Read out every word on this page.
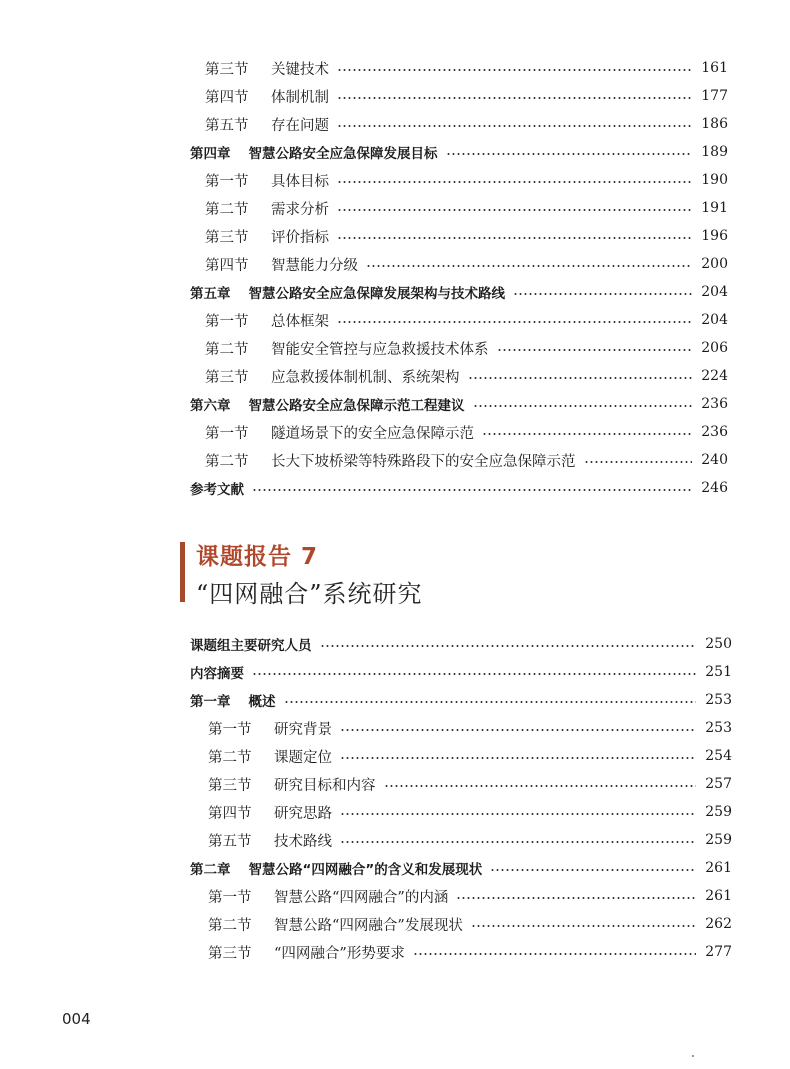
第三节	关键技术	161
第四节	体制机制	177
第五节	存在问题	186
第四章 智慧公路安全应急保障发展目标	189
第一节	具体目标	190
第二节	需求分析	191
第三节	评价指标	196
第四节	智慧能力分级	200
第五章 智慧公路安全应急保障发展架构与技术路线	204
第一节	总体框架	204
第二节	智能安全管控与应急救援技术体系	206
第三节	应急救援体制机制、系统架构	224
第六章 智慧公路安全应急保障示范工程建议	236
第一节	隧道场景下的安全应急保障示范	236
第二节	长大下坡桥梁等特殊路段下的安全应急保障示范	240
参考文献	246
课题报告 7
“四网融合”系统研究
课题组主要研究人员	250
内容摘要	251
第一章 概述	253
第一节	研究背景	253
第二节	课题定位	254
第三节	研究目标和内容	257
第四节	研究思路	259
第五节	技术路线	259
第二章 智慧公路“四网融合”的含义和发展现状	261
第一节	智慧公路“四网融合”的内涵	261
第二节	智慧公路“四网融合”发展现状	262
第三节	“四网融合”形势要求	277
004
